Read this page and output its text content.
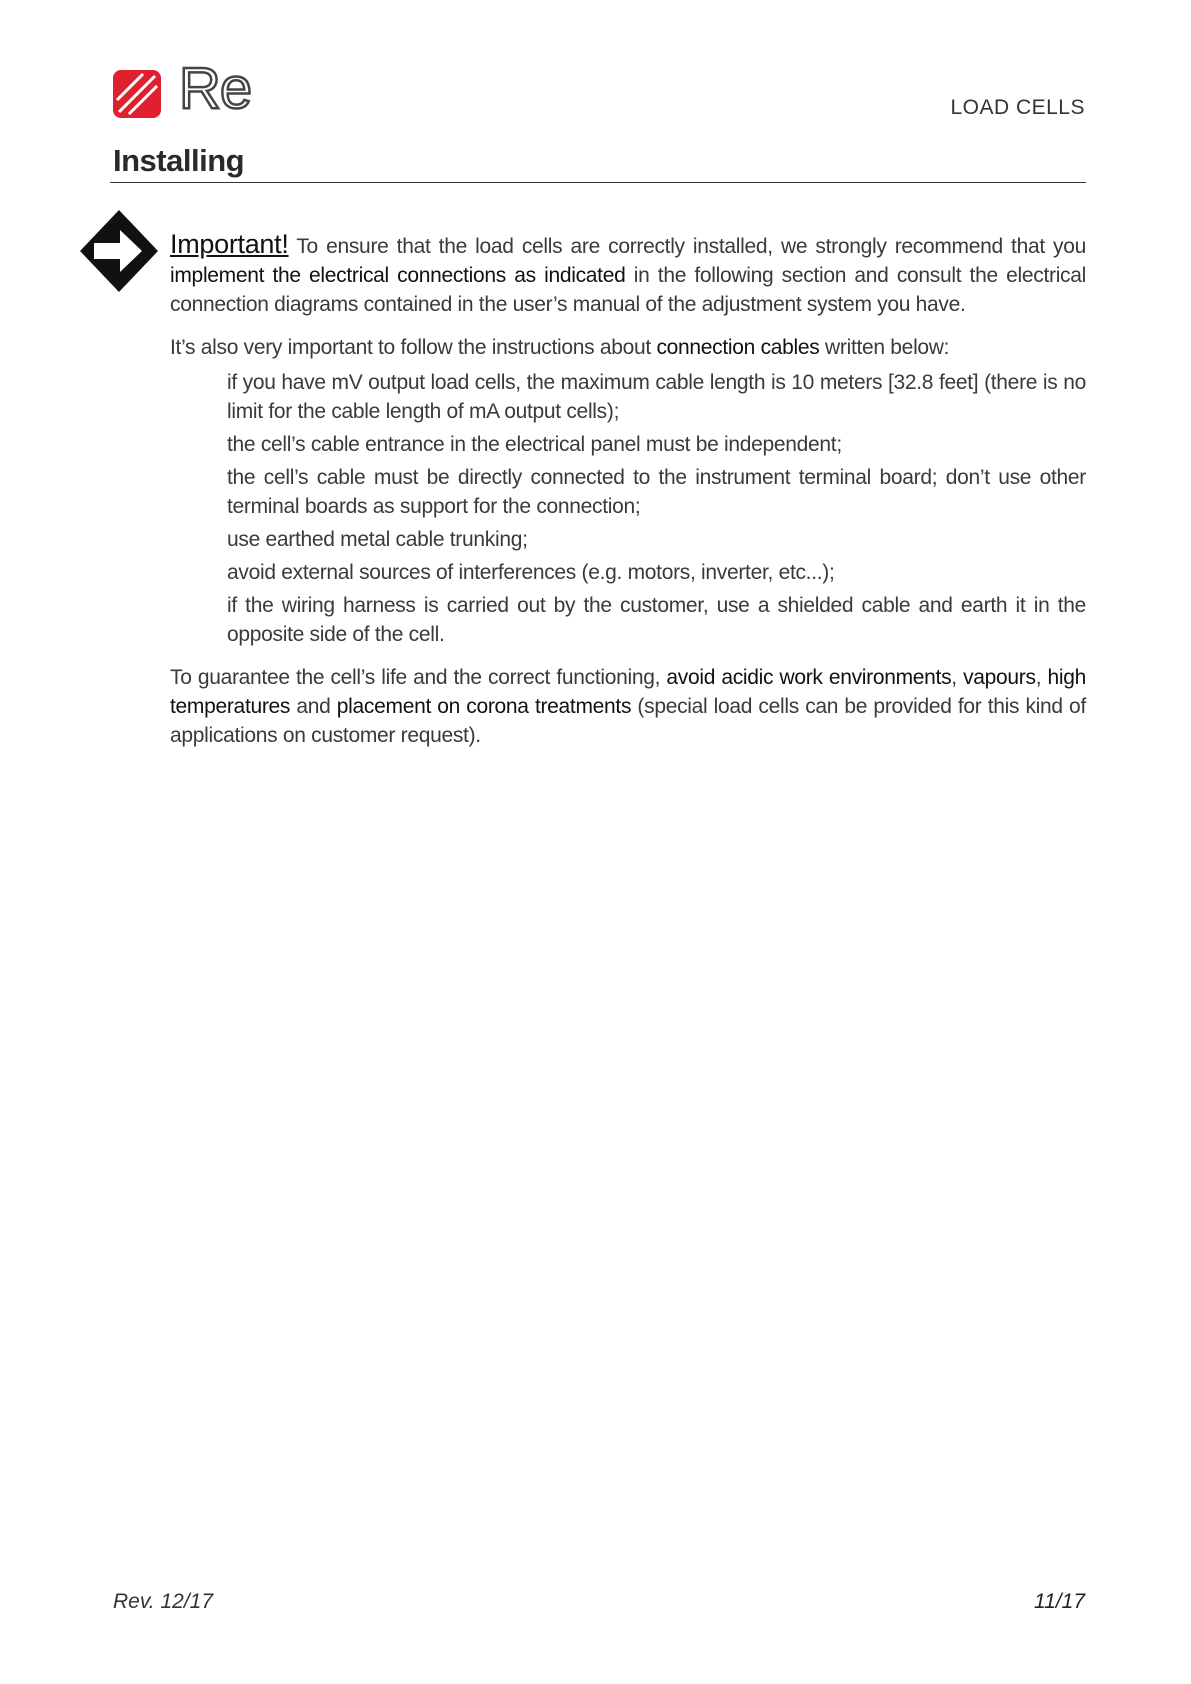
Re	LOAD CELLS
Installing

Important! To ensure that the load cells are correctly installed, we strongly recommend that you implement the electrical connections as indicated in the following section and consult the electrical connection diagrams contained in the user’s manual of the adjustment system you have.

It’s also very important to follow the instructions about connection cables written below:

if you have mV output load cells, the maximum cable length is 10 meters [32.8 feet] (there is no limit for the cable length of mA output cells);
the cell’s cable entrance in the electrical panel must be independent;
the cell’s cable must be directly connected to the instrument terminal board; don’t use other terminal boards as support for the connection;
use earthed metal cable trunking;
avoid external sources of interferences (e.g. motors, inverter, etc...);
if the wiring harness is carried out by the customer, use a shielded cable and earth it in the opposite side of the cell.

To guarantee the cell’s life and the correct functioning, avoid acidic work environments, vapours, high temperatures and placement on corona treatments (special load cells can be provided for this kind of applications on customer request).

Rev. 12/17	11/17
